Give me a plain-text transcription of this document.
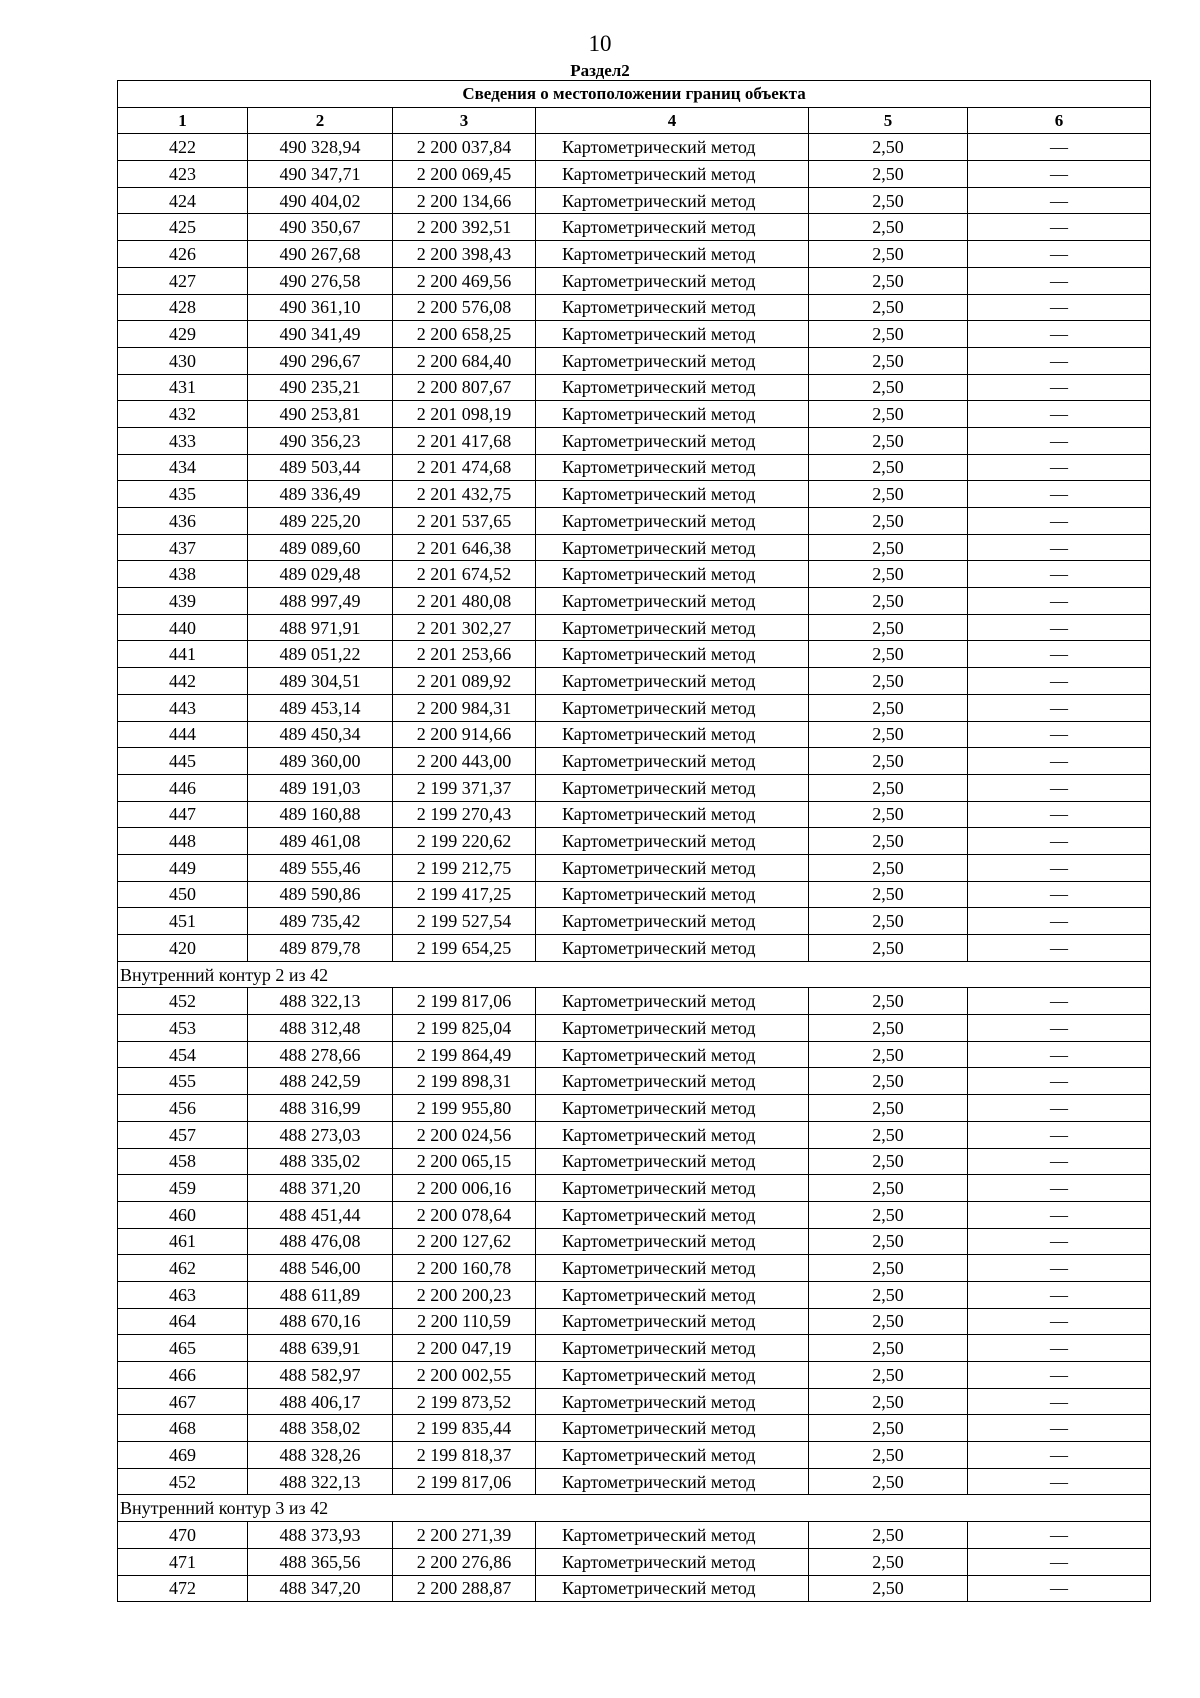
10
Раздел2
Сведения о местоположении границ объекта					
1	2	3	4	5	6
422	490 328,94	2 200 037,84	Картометрический метод	2,50	—
423	490 347,71	2 200 069,45	Картометрический метод	2,50	—
424	490 404,02	2 200 134,66	Картометрический метод	2,50	—
425	490 350,67	2 200 392,51	Картометрический метод	2,50	—
426	490 267,68	2 200 398,43	Картометрический метод	2,50	—
427	490 276,58	2 200 469,56	Картометрический метод	2,50	—
428	490 361,10	2 200 576,08	Картометрический метод	2,50	—
429	490 341,49	2 200 658,25	Картометрический метод	2,50	—
430	490 296,67	2 200 684,40	Картометрический метод	2,50	—
431	490 235,21	2 200 807,67	Картометрический метод	2,50	—
432	490 253,81	2 201 098,19	Картометрический метод	2,50	—
433	490 356,23	2 201 417,68	Картометрический метод	2,50	—
434	489 503,44	2 201 474,68	Картометрический метод	2,50	—
435	489 336,49	2 201 432,75	Картометрический метод	2,50	—
436	489 225,20	2 201 537,65	Картометрический метод	2,50	—
437	489 089,60	2 201 646,38	Картометрический метод	2,50	—
438	489 029,48	2 201 674,52	Картометрический метод	2,50	—
439	488 997,49	2 201 480,08	Картометрический метод	2,50	—
440	488 971,91	2 201 302,27	Картометрический метод	2,50	—
441	489 051,22	2 201 253,66	Картометрический метод	2,50	—
442	489 304,51	2 201 089,92	Картометрический метод	2,50	—
443	489 453,14	2 200 984,31	Картометрический метод	2,50	—
444	489 450,34	2 200 914,66	Картометрический метод	2,50	—
445	489 360,00	2 200 443,00	Картометрический метод	2,50	—
446	489 191,03	2 199 371,37	Картометрический метод	2,50	—
447	489 160,88	2 199 270,43	Картометрический метод	2,50	—
448	489 461,08	2 199 220,62	Картометрический метод	2,50	—
449	489 555,46	2 199 212,75	Картометрический метод	2,50	—
450	489 590,86	2 199 417,25	Картометрический метод	2,50	—
451	489 735,42	2 199 527,54	Картометрический метод	2,50	—
420	489 879,78	2 199 654,25	Картометрический метод	2,50	—
Внутренний контур 2 из 42					
452	488 322,13	2 199 817,06	Картометрический метод	2,50	—
453	488 312,48	2 199 825,04	Картометрический метод	2,50	—
454	488 278,66	2 199 864,49	Картометрический метод	2,50	—
455	488 242,59	2 199 898,31	Картометрический метод	2,50	—
456	488 316,99	2 199 955,80	Картометрический метод	2,50	—
457	488 273,03	2 200 024,56	Картометрический метод	2,50	—
458	488 335,02	2 200 065,15	Картометрический метод	2,50	—
459	488 371,20	2 200 006,16	Картометрический метод	2,50	—
460	488 451,44	2 200 078,64	Картометрический метод	2,50	—
461	488 476,08	2 200 127,62	Картометрический метод	2,50	—
462	488 546,00	2 200 160,78	Картометрический метод	2,50	—
463	488 611,89	2 200 200,23	Картометрический метод	2,50	—
464	488 670,16	2 200 110,59	Картометрический метод	2,50	—
465	488 639,91	2 200 047,19	Картометрический метод	2,50	—
466	488 582,97	2 200 002,55	Картометрический метод	2,50	—
467	488 406,17	2 199 873,52	Картометрический метод	2,50	—
468	488 358,02	2 199 835,44	Картометрический метод	2,50	—
469	488 328,26	2 199 818,37	Картометрический метод	2,50	—
452	488 322,13	2 199 817,06	Картометрический метод	2,50	—
Внутренний контур 3 из 42					
470	488 373,93	2 200 271,39	Картометрический метод	2,50	—
471	488 365,56	2 200 276,86	Картометрический метод	2,50	—
472	488 347,20	2 200 288,87	Картометрический метод	2,50	—
